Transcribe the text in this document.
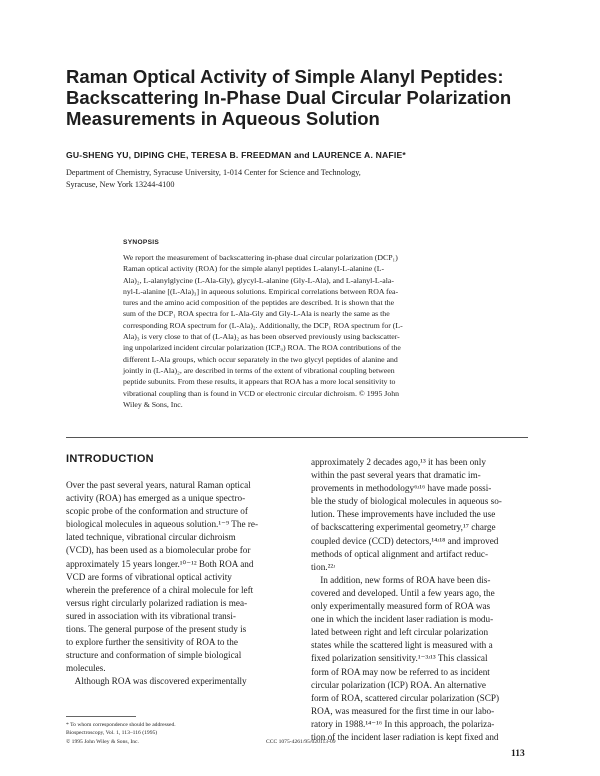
Raman Optical Activity of Simple Alanyl Peptides:
Backscattering In-Phase Dual Circular Polarization
Measurements in Aqueous Solution
GU-SHENG YU, DIPING CHE, TERESA B. FREEDMAN and LAURENCE A. NAFIE*
Department of Chemistry, Syracuse University, 1-014 Center for Science and Technology,
Syracuse, New York 13244-4100
SYNOPSIS
We report the measurement of backscattering in-phase dual circular polarization (DCP₁)
Raman optical activity (ROA) for the simple alanyl peptides L-alanyl-L-alanine (L-
Ala)₂, L-alanylglycine (L-Ala-Gly), glycyl-L-alanine (Gly-L-Ala), and L-alanyl-L-ala-
nyl-L-alanine [(L-Ala)₃] in aqueous solutions. Empirical correlations between ROA fea-
tures and the amino acid composition of the peptides are described. It is shown that the
sum of the DCP₁ ROA spectra for L-Ala-Gly and Gly-L-Ala is nearly the same as the
corresponding ROA spectrum for (L-Ala)₂. Additionally, the DCP₁ ROA spectrum for (L-
Ala)₃ is very close to that of (L-Ala)₂ as has been observed previously using backscatter-
ing unpolarized incident circular polarization (ICPᵤ) ROA. The ROA contributions of the
different L-Ala groups, which occur separately in the two glycyl peptides of alanine and
jointly in (L-Ala)₂, are described in terms of the extent of vibrational coupling between
peptide subunits. From these results, it appears that ROA has a more local sensitivity to
vibrational coupling than is found in VCD or electronic circular dichroism. © 1995 John
Wiley & Sons, Inc.
INTRODUCTION
Over the past several years, natural Raman optical
activity (ROA) has emerged as a unique spectro-
scopic probe of the conformation and structure of
biological molecules in aqueous solution.¹⁻⁹ The re-
lated technique, vibrational circular dichroism
(VCD), has been used as a biomolecular probe for
approximately 15 years longer.¹⁰⁻¹² Both ROA and
VCD are forms of vibrational optical activity
wherein the preference of a chiral molecule for left
versus right circularly polarized radiation is mea-
sured in association with its vibrational transi-
tions. The general purpose of the present study is
to explore further the sensitivity of ROA to the
structure and conformation of simple biological
molecules.
Although ROA was discovered experimentally
approximately 2 decades ago,¹³ it has been only
within the past several years that dramatic im-
provements in methodology⁶ʴ¹⁶ have made possi-
ble the study of biological molecules in aqueous so-
lution. These improvements have included the use
of backscattering experimental geometry,¹⁷ charge
coupled device (CCD) detectors,¹⁴ʴ¹⁸ and improved
methods of optical alignment and artifact reduc-
tion.²²ʴ
In addition, new forms of ROA have been dis-
covered and developed. Until a few years ago, the
only experimentally measured form of ROA was
one in which the incident laser radiation is modu-
lated between right and left circular polarization
states while the scattered light is measured with a
fixed polarization sensitivity.¹⁻³ʴ¹³ This classical
form of ROA may now be referred to as incident
circular polarization (ICP) ROA. An alternative
form of ROA, scattered circular polarization (SCP)
ROA, was measured for the first time in our labo-
ratory in 1988.¹⁴⁻¹⁶ In this approach, the polariza-
tion of the incident laser radiation is kept fixed and
* To whom correspondence should be addressed.
Biospectroscopy, Vol. 1, 113–116 (1995)
© 1995 John Wiley & Sons, Inc.	CCC 1075-4261/95/020113-09
113
